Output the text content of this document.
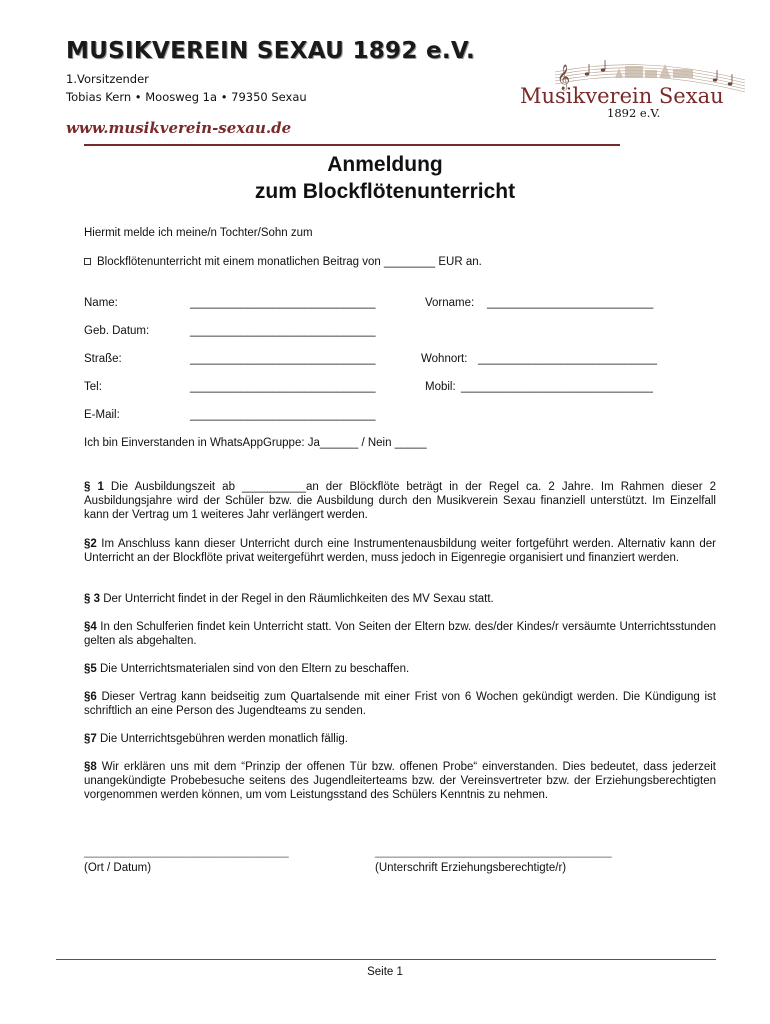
MUSIKVEREIN SEXAU 1892 e.V.
1.Vorsitzender
Tobias Kern • Moosweg 1a • 79350 Sexau
www.musikverein-sexau.de
𝄞
Musikverein Sexau
1892 e.V.
Anmeldung
zum Blockflötenunterricht
Hiermit melde ich meine/n Tochter/Sohn zum
Blockflötenunterricht mit einem monatlichen Beitrag von ________ EUR an.
Name:	_____________________________	Vorname: __________________________
Geb. Datum:	_____________________________
Straße:	_____________________________	Wohnort: ____________________________
Tel:	_____________________________	Mobil: ______________________________
E-Mail:	_____________________________
Ich bin Einverstanden in WhatsAppGruppe: Ja______ / Nein _____
§ 1 Die Ausbildungszeit ab __________an der Blöckflöte beträgt in der Regel ca. 2 Jahre. Im Rahmen dieser 2 Ausbildungsjahre wird der Schüler bzw. die Ausbildung durch den Musikverein Sexau finanziell unterstützt. Im Einzelfall kann der Vertrag um 1 weiteres Jahr verlängert werden.
§2 Im Anschluss kann dieser Unterricht durch eine Instrumentenausbildung weiter fortgeführt werden. Alternativ kann der Unterricht an der Blockflöte privat weitergeführt werden, muss jedoch in Eigenregie organisiert und finanziert werden.
§ 3 Der Unterricht findet in der Regel in den Räumlichkeiten des MV Sexau statt.
§4 In den Schulferien findet kein Unterricht statt. Von Seiten der Eltern bzw. des/der Kindes/r versäumte Unterrichtsstunden gelten als abgehalten.
§5 Die Unterrichtsmaterialen sind von den Eltern zu beschaffen.
§6 Dieser Vertrag kann beidseitig zum Quartalsende mit einer Frist von 6 Wochen gekündigt werden. Die Kündigung ist schriftlich an eine Person des Jugendteams zu senden.
§7 Die Unterrichtsgebühren werden monatlich fällig.
§8 Wir erklären uns mit dem “Prinzip der offenen Tür bzw. offenen Probe“ einverstanden. Dies bedeutet, dass jederzeit unangekündigte Probebesuche seitens des Jugendleiterteams bzw. der Vereinsvertreter bzw. der Erziehungsberechtigten vorgenommen werden können, um vom Leistungsstand des Schülers Kenntnis zu nehmen.
________________________________	_____________________________________
(Ort / Datum)	(Unterschrift Erziehungsberechtigte/r)
Seite 1
